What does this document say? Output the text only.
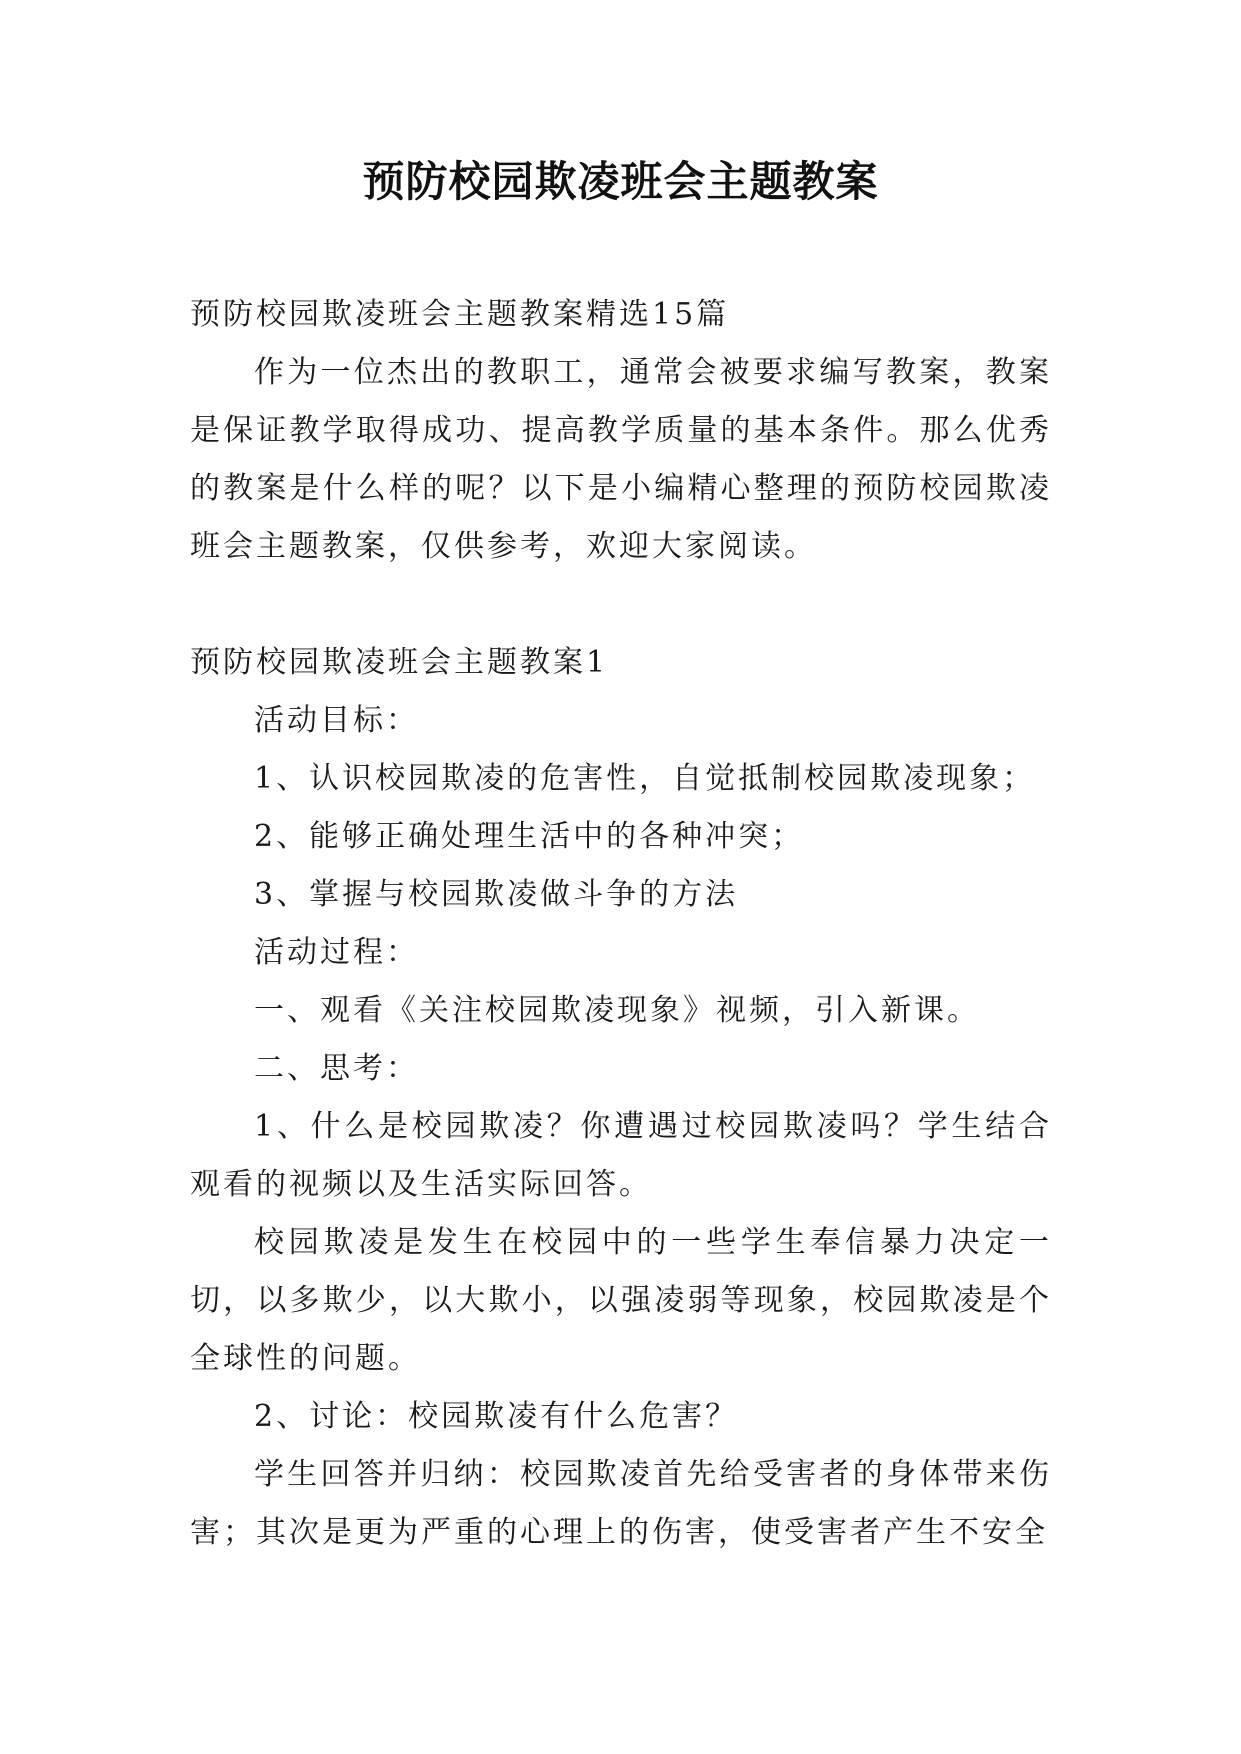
预防校园欺凌班会主题教案

预防校园欺凌班会主题教案精选15篇

作为一位杰出的教职工，通常会被要求编写教案，教案是保证教学取得成功、提高教学质量的基本条件。那么优秀的教案是什么样的呢？以下是小编精心整理的预防校园欺凌班会主题教案，仅供参考，欢迎大家阅读。

预防校园欺凌班会主题教案1

活动目标：

1、认识校园欺凌的危害性，自觉抵制校园欺凌现象；

2、能够正确处理生活中的各种冲突；

3、掌握与校园欺凌做斗争的方法

活动过程：

一、观看《关注校园欺凌现象》视频，引入新课。

二、思考：

1、什么是校园欺凌？你遭遇过校园欺凌吗？学生结合观看的视频以及生活实际回答。

校园欺凌是发生在校园中的一些学生奉信暴力决定一切，以多欺少，以大欺小，以强凌弱等现象，校园欺凌是个全球性的问题。

2、讨论：校园欺凌有什么危害？

学生回答并归纳：校园欺凌首先给受害者的身体带来伤害；其次是更为严重的心理上的伤害，使受害者产生不安全
